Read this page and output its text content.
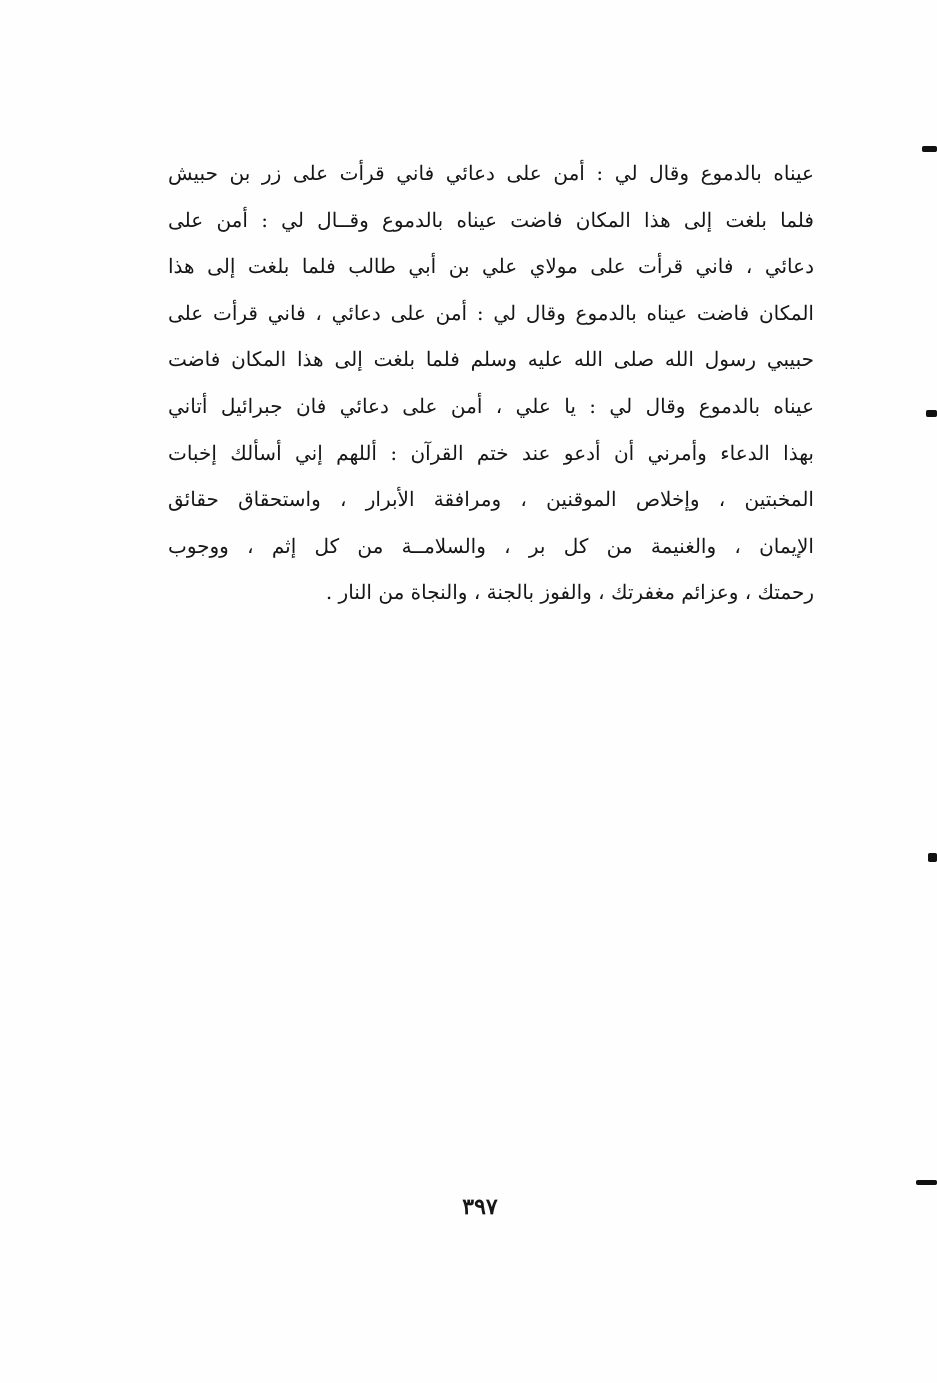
عيناه بالدموع وقال لي : أمن على دعائي فاني قرأت على زر بن حبيش
فلما بلغت إلى هذا المكان فاضت عيناه بالدموع وقــال لي : أمن على
دعائي ، فاني قرأت على مولاي علي بن أبي طالب فلما بلغت إلى هذا
المكان فاضت عيناه بالدموع وقال لي : أمن على دعائي ، فاني قرأت على
حبيبي رسول الله صلى الله عليه وسلم فلما بلغت إلى هذا المكان فاضت
عيناه بالدموع وقال لي : يا علي ، أمن على دعائي فان جبرائيل أتاني
بهذا الدعاء وأمرني أن أدعو عند ختم القرآن : أللهم إني أسألك إخبات
المخبتين ، وإخلاص الموقنين ، ومرافقة الأبرار ، واستحقاق حقائق
الإيمان ، والغنيمة من كل بر ، والسلامــة من كل إثم ، ووجوب
رحمتك ، وعزائم مغفرتك ، والفوز بالجنة ، والنجاة من النار .
٣٩٧
